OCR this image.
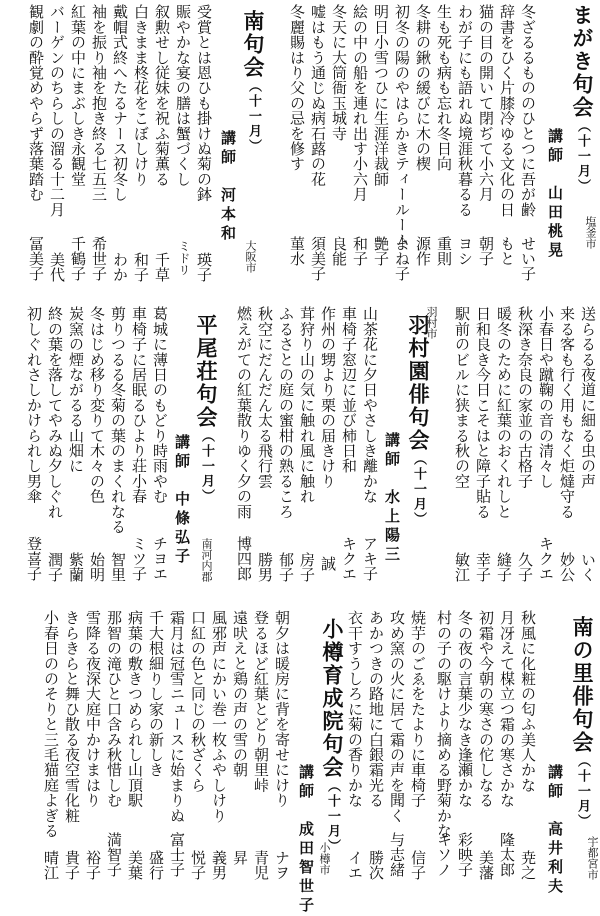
まがき句会（十一月）
講師　山田桃晃 塩釜市
冬ざるるもののひとつに吾が齢
せい子
辞書をひく片膝冷ゆる文化の日
もと
猫の目の開いて閉ぢて小六月
朝子
わが子にも語れぬ境涯秋暮るる
ヨシ
生も死も病も忘れ冬日向
重則
冬耕の鍬の緩びに木の楔
源作
初冬の陽のやはらかきティールーム
よね子
明日小雪つひに生涯洋裁師
艶子
絵の中の船を連れ出す小六月
和子
冬天に大筒衙玉城寺
良能
嘘はもう通じぬ病石蕗の花
須美子
冬麗賜はり父の忌を修す
菫水
南句会（十一月）
講師　河本和
大阪市
受賞とは恩ひも掛けぬ菊の鉢
瑛子
賑やかな宴の膳は蟹づくし
ミドリ
叙勲せし従妹を祝ふ菊薫る
千草
白きまま柊花をこぼしけり
和子
戴帽式終へたるナース初冬し
わか
袖を振り袖を抱き終る七五三
希世子
紅葉の中にまぶしき永観堂
千鶴子
バーゲンのちらしの溜る十二月
美代
観劇の酔覚めやらず落葉踏む
冨美子
送らるる夜道に細る虫の声
いく
来る客も行く用もなく炬燵守る
妙公
小春日や蹴鞠の音の清々し
キクエ
秋深き奈良の家並の古格子
久子
暖冬のために紅葉のおくれしと
縫子
日和良き今日こそはと障子貼る
幸子
駅前のビルに狭まる秋の空
敏江
羽村園俳句会（十一月）
講師　水上陽三
羽村市
山茶花に夕日やさしき離かな
アキ子
車椅子窓辺に並び柿日和
キクエ
作州の甥より栗の届きけり
誠
茸狩り山の気に触れ風に触れ
房子
ふるさとの庭の蜜柑の熟るころ
郁子
秋空にだんだん太る飛行雲
勝男
燃えがての紅葉散りゆく夕の雨
博四郎
平尾荘句会（十一月）
講師　中條弘子 南河内郡
葛城に薄日のもどり時雨やむ
チヨエ
車椅子に居眠るひより荘小春
ミツ子
剪りつるる冬菊の葉のまくれなる
智里
冬はじめ移り変りて木々の色
始明
炭窯の煙ながるる山畑に
紫蘭
終の葉を落してやみぬ夕しぐれ
潤子
初しぐれさしかけられし男傘
登喜子
南の里俳句会（十一月）
講師　高井利夫 宇都宮市
秋風に化粧の匂ふ美人かな
尭之
月冴えて楳立つ霜の寒さかな
隆太郎
初霜や今朝の寒さの佗しなる
美藩
冬の夜の言葉少なき逢瀬かな
彩映子
村の子の駆けより摘める野菊かな
キソノ
焼芋のごゑをたよりに車椅子
信子
攻め窯の火に居て霜の声を聞く
与志緒
あかつきの路地に白銀霜光る
勝次
衣干すうしろに菊の香りかな
イエ
小樽育成院句会（十一月）
講師　成田智世子 小樽市
朝夕は暖房に背を寄せにけり
ナヲ
登るほど紅葉とどり朝里峠
青児
遠吠えと鶏の声の雪の朝
昇
風邪声にかい巻一枚ふやしけり
義男
口紅の色と同じの秋ざくら
悦子
霜月は冠雪ニュースに始まりぬ
富士子
千大根細りし家の新しき
盛行
病葉の敷きつめられし山頂駅
美葉
那智の滝ひと口含み秋惜しむ
満智子
雪降る夜深大庭中かけまはり
裕子
きらきらと舞ひ散る夜空雪化粧
貴子
小春日ののそりと三毛猫庭よぎる
晴江
